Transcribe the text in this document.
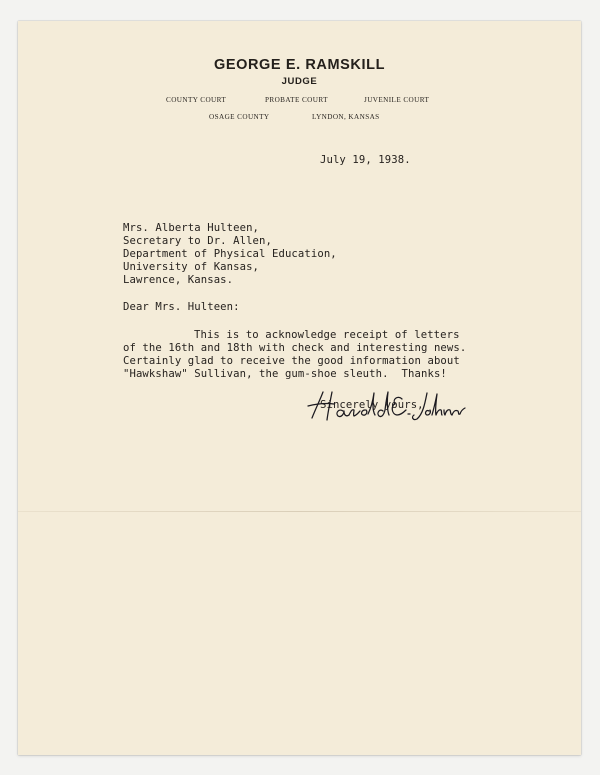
GEORGE E. RAMSKILL
JUDGE
COUNTY COURT	PROBATE COURT	JUVENILE COURT
OSAGE COUNTY	LYNDON, KANSAS
July 19, 1938.
Mrs. Alberta Hulteen,
Secretary to Dr. Allen,
Department of Physical Education,
University of Kansas,
Lawrence, Kansas.
Dear Mrs. Hulteen:
This is to acknowledge receipt of letters
of the 16th and 18th with check and interesting news.
Certainly glad to receive the good information about
"Hawkshaw" Sullivan, the gum-shoe sleuth.  Thanks!
Sincerely yours,
